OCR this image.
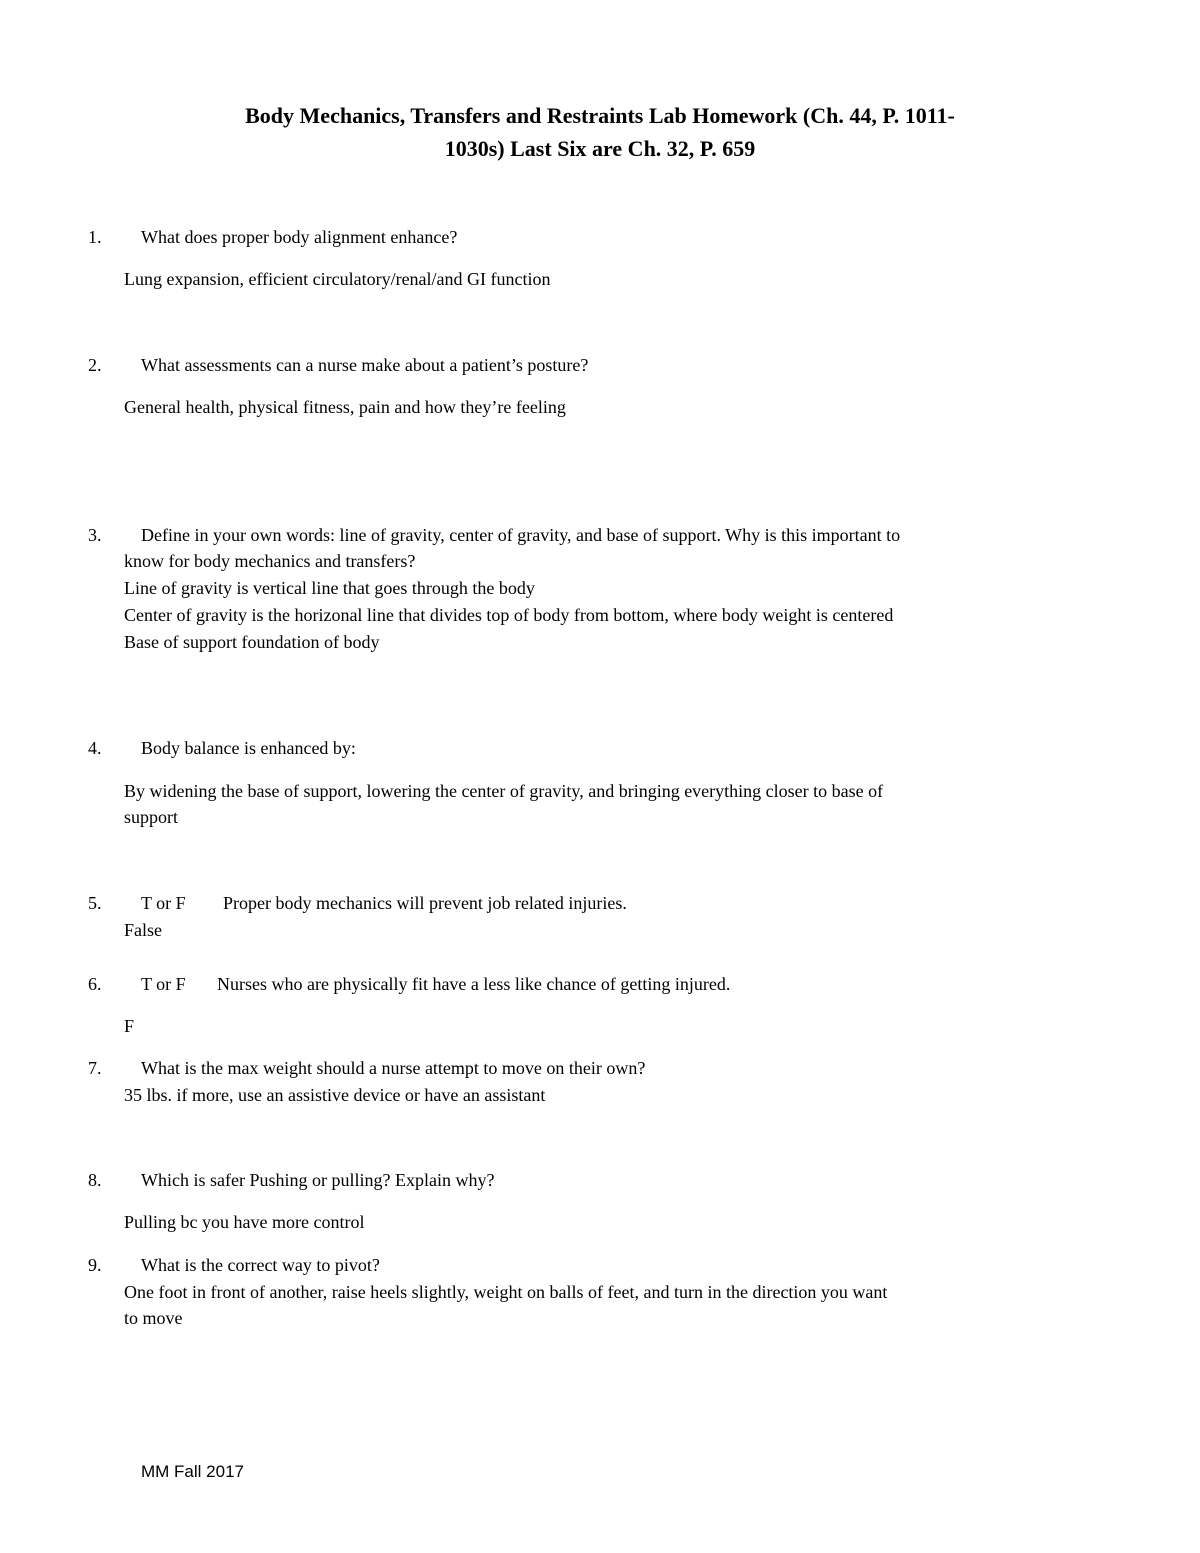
Body Mechanics, Transfers and Restraints Lab Homework (Ch. 44, P. 1011-
1030s) Last Six are Ch. 32, P. 659
1. What does proper body alignment enhance?
Lung expansion, efficient circulatory/renal/and GI function
2. What assessments can a nurse make about a patient’s posture?
General health, physical fitness, pain and how they’re feeling
3. Define in your own words: line of gravity, center of gravity, and base of support. Why is this important to
know for body mechanics and transfers?
Line of gravity is vertical line that goes through the body
Center of gravity is the horizonal line that divides top of body from bottom, where body weight is centered
Base of support foundation of body
4. Body balance is enhanced by:
By widening the base of support, lowering the center of gravity, and bringing everything closer to base of
support
5. T or F Proper body mechanics will prevent job related injuries.
False
6. T or F Nurses who are physically fit have a less like chance of getting injured.
F
7. What is the max weight should a nurse attempt to move on their own?
35 lbs. if more, use an assistive device or have an assistant
8. Which is safer Pushing or pulling? Explain why?
Pulling bc you have more control
9. What is the correct way to pivot?
One foot in front of another, raise heels slightly, weight on balls of feet, and turn in the direction you want
to move
MM Fall 2017
